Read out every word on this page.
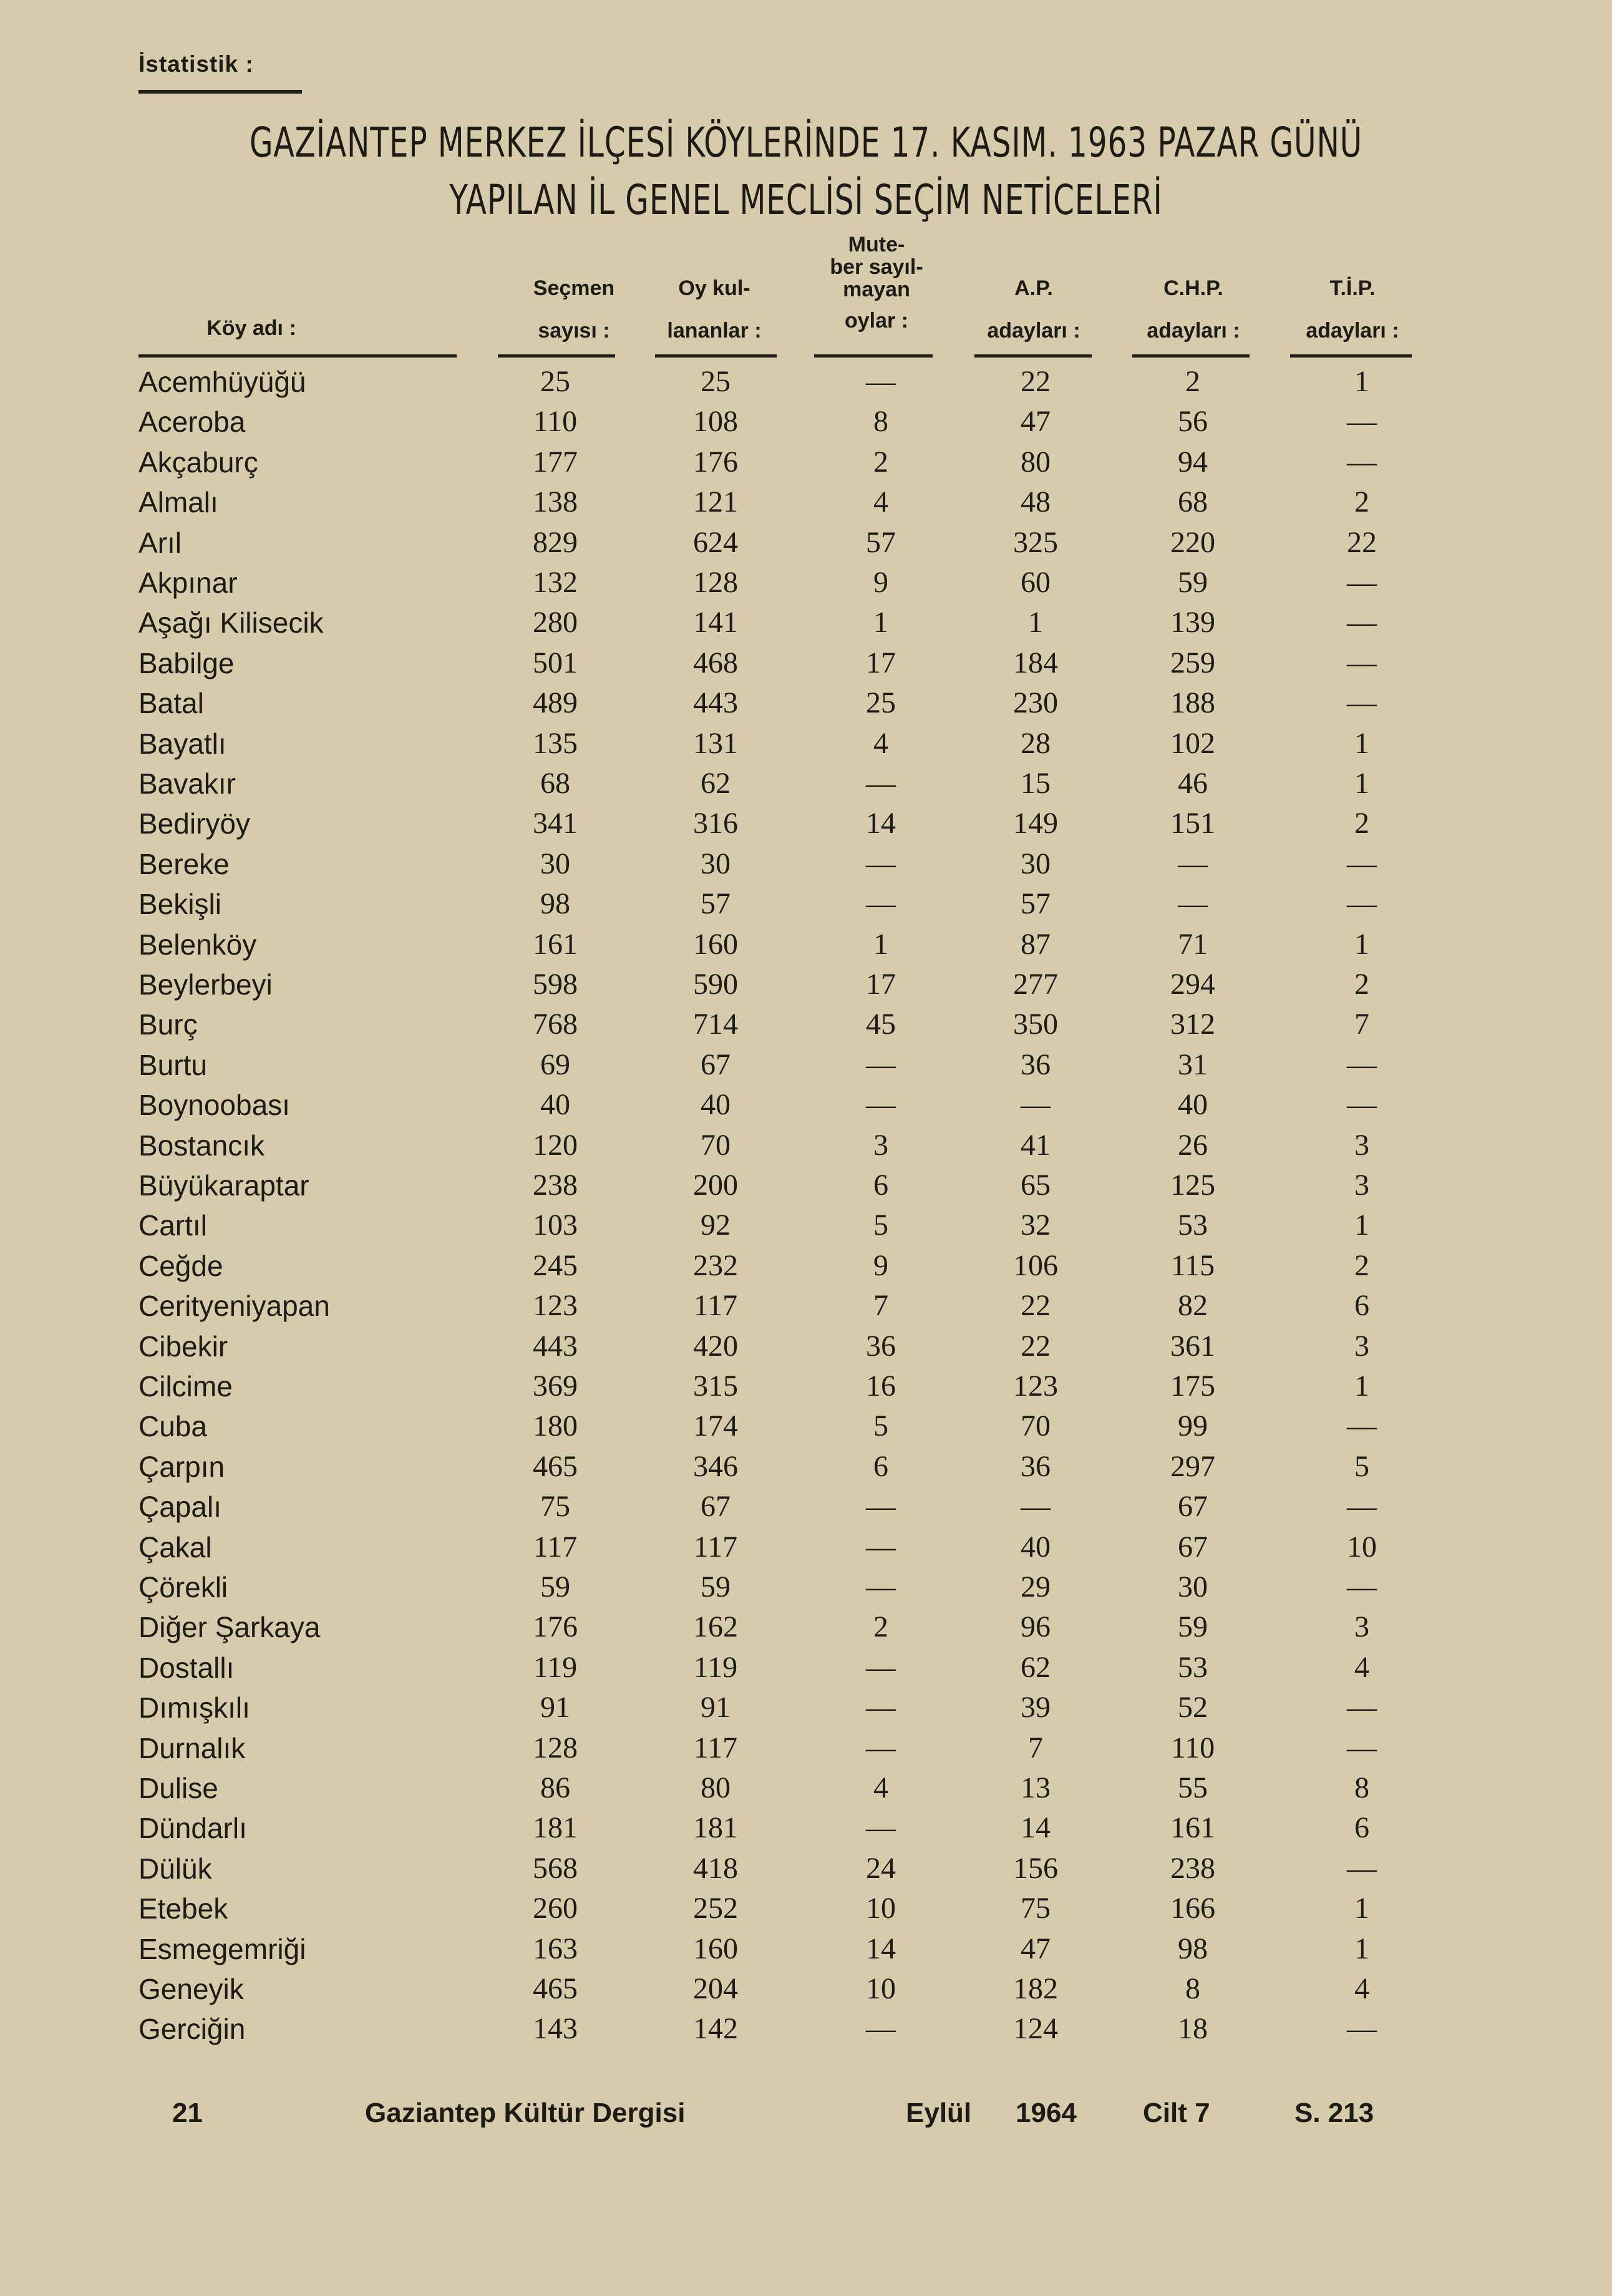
İstatistik :
GAZİANTEP MERKEZ İLÇESİ KÖYLERİNDE 17. KASIM. 1963 PAZAR GÜNÜ
YAPILAN İL GENEL MECLİSİ SEÇİM NETİCELERİ
Köy adı :
Seçmen
sayısı :
Oy kul-
lananlar :
Mute-
ber sayıl-
mayan
oylar :
A.P.
adayları :
C.H.P.
adayları :
T.İ.P.
adayları :
Acemhüyüğü	25	25	—	22	2	1
Aceroba	110	108	8	47	56	—
Akçaburç	177	176	2	80	94	—
Almalı	138	121	4	48	68	2
Arıl	829	624	57	325	220	22
Akpınar	132	128	9	60	59	—
Aşağı Kilisecik	280	141	1	1	139	—
Babilge	501	468	17	184	259	—
Batal	489	443	25	230	188	—
Bayatlı	135	131	4	28	102	1
Bavakır	68	62	—	15	46	1
Bediryöy	341	316	14	149	151	2
Bereke	30	30	—	30	—	—
Bekişli	98	57	—	57	—	—
Belenköy	161	160	1	87	71	1
Beylerbeyi	598	590	17	277	294	2
Burç	768	714	45	350	312	7
Burtu	69	67	—	36	31	—
Boynoobası	40	40	—	—	40	—
Bostancık	120	70	3	41	26	3
Büyükaraptar	238	200	6	65	125	3
Cartıl	103	92	5	32	53	1
Ceğde	245	232	9	106	115	2
Cerityeniyapan	123	117	7	22	82	6
Cibekir	443	420	36	22	361	3
Cilcime	369	315	16	123	175	1
Cuba	180	174	5	70	99	—
Çarpın	465	346	6	36	297	5
Çapalı	75	67	—	—	67	—
Çakal	117	117	—	40	67	10
Çörekli	59	59	—	29	30	—
Diğer Şarkaya	176	162	2	96	59	3
Dostallı	119	119	—	62	53	4
Dımışkılı	91	91	—	39	52	—
Durnalık	128	117	—	7	110	—
Dulise	86	80	4	13	55	8
Dündarlı	181	181	—	14	161	6
Dülük	568	418	24	156	238	—
Etebek	260	252	10	75	166	1
Esmegemriği	163	160	14	47	98	1
Geneyik	465	204	10	182	8	4
Gerciğin	143	142	—	124	18	—
21	Gaziantep Kültür Dergisi	Eylül 1964 Cilt 7	S. 213
